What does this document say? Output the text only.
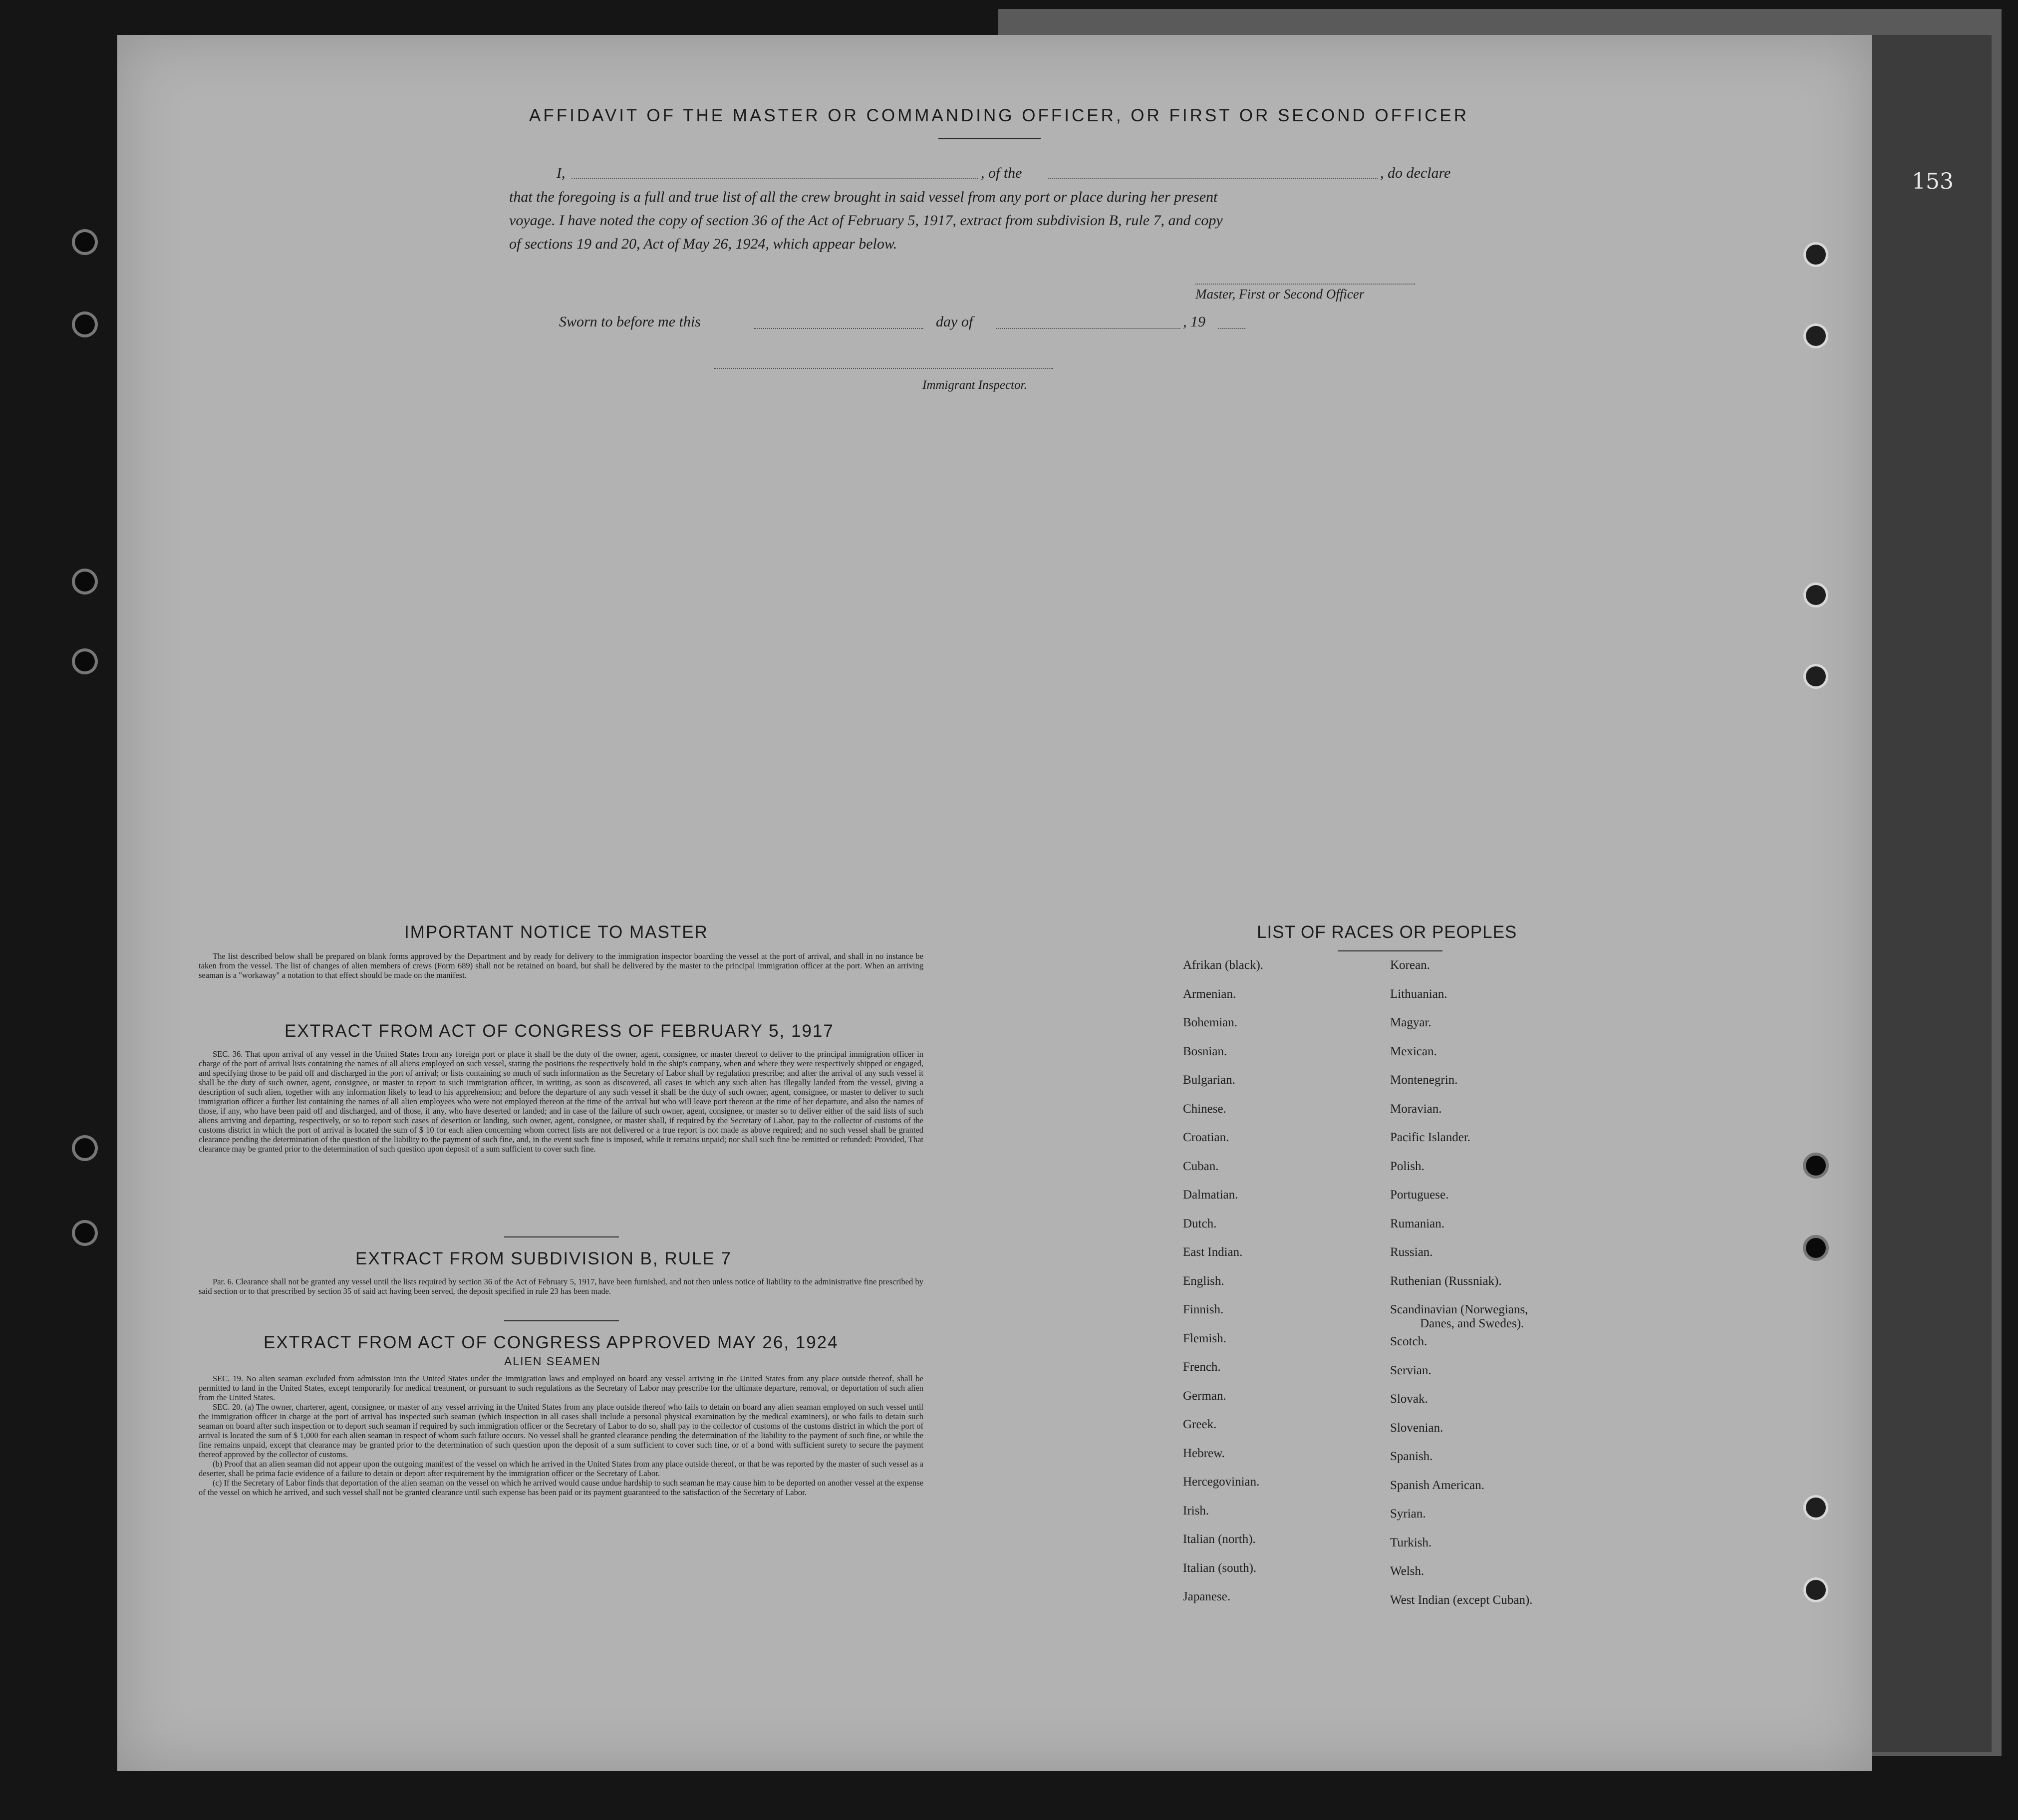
153
AFFIDAVIT OF THE MASTER OR COMMANDING OFFICER, OR FIRST OR SECOND OFFICER
I,	, of the	, do declare
that the foregoing is a full and true list of all the crew brought in said vessel from any port or place during her present
voyage. I have noted the copy of section 36 of the Act of February 5, 1917, extract from subdivision B, rule 7, and copy
of sections 19 and 20, Act of May 26, 1924, which appear below.
Master, First or Second Officer
Sworn to before me this	day of	, 19
Immigrant Inspector.
IMPORTANT NOTICE TO MASTER

The list described below shall be prepared on blank forms approved by the Department and by ready for delivery to the immigration inspector boarding the vessel at the port of arrival, and shall in no instance be taken from the vessel. The list of changes of alien members of crews (Form 689) shall not be retained on board, but shall be delivered by the master to the principal immigration officer at the port. When an arriving seaman is a "workaway" a notation to that effect should be made on the manifest.

EXTRACT FROM ACT OF CONGRESS OF FEBRUARY 5, 1917

SEC. 36. That upon arrival of any vessel in the United States from any foreign port or place it shall be the duty of the owner, agent, consignee, or master thereof to deliver to the principal immigration officer in charge of the port of arrival lists containing the names of all aliens employed on such vessel, stating the positions the respectively hold in the ship's company, when and where they were respectively shipped or engaged, and specifying those to be paid off and discharged in the port of arrival; or lists containing so much of such information as the Secretary of Labor shall by regulation prescribe; and after the arrival of any such vessel it shall be the duty of such owner, agent, consignee, or master to report to such immigration officer, in writing, as soon as discovered, all cases in which any such alien has illegally landed from the vessel, giving a description of such alien, together with any information likely to lead to his apprehension; and before the departure of any such vessel it shall be the duty of such owner, agent, consignee, or master to deliver to such immigration officer a further list containing the names of all alien employees who were not employed thereon at the time of the arrival but who will leave port thereon at the time of her departure, and also the names of those, if any, who have been paid off and discharged, and of those, if any, who have deserted or landed; and in case of the failure of such owner, agent, consignee, or master so to deliver either of the said lists of such aliens arriving and departing, respectively, or so to report such cases of desertion or landing, such owner, agent, consignee, or master shall, if required by the Secretary of Labor, pay to the collector of customs of the customs district in which the port of arrival is located the sum of $ 10 for each alien concerning whom correct lists are not delivered or a true report is not made as above required; and no such vessel shall be granted clearance pending the determination of the question of the liability to the payment of such fine, and, in the event such fine is imposed, while it remains unpaid; nor shall such fine be remitted or refunded: Provided, That clearance may be granted prior to the determination of such question upon deposit of a sum sufficient to cover such fine.

EXTRACT FROM SUBDIVISION B, RULE 7

Par. 6. Clearance shall not be granted any vessel until the lists required by section 36 of the Act of February 5, 1917, have been furnished, and not then unless notice of liability to the administrative fine prescribed by said section or to that prescribed by section 35 of said act having been served, the deposit specified in rule 23 has been made.

EXTRACT FROM ACT OF CONGRESS APPROVED MAY 26, 1924
ALIEN SEAMEN

SEC. 19. No alien seaman excluded from admission into the United States under the immigration laws and employed on board any vessel arriving in the United States from any place outside thereof, shall be permitted to land in the United States, except temporarily for medical treatment, or pursuant to such regulations as the Secretary of Labor may prescribe for the ultimate departure, removal, or deportation of such alien from the United States.

SEC. 20. (a) The owner, charterer, agent, consignee, or master of any vessel arriving in the United States from any place outside thereof who fails to detain on board any alien seaman employed on such vessel until the immigration officer in charge at the port of arrival has inspected such seaman (which inspection in all cases shall include a personal physical examination by the medical examiners), or who fails to detain such seaman on board after such inspection or to deport such seaman if required by such immigration officer or the Secretary of Labor to do so, shall pay to the collector of customs of the customs district in which the port of arrival is located the sum of $ 1,000 for each alien seaman in respect of whom such failure occurs. No vessel shall be granted clearance pending the determination of the liability to the payment of such fine, or while the fine remains unpaid, except that clearance may be granted prior to the determination of such question upon the deposit of a sum sufficient to cover such fine, or of a bond with sufficient surety to secure the payment thereof approved by the collector of customs.

(b) Proof that an alien seaman did not appear upon the outgoing manifest of the vessel on which he arrived in the United States from any place outside thereof, or that he was reported by the master of such vessel as a deserter, shall be prima facie evidence of a failure to detain or deport after requirement by the immigration officer or the Secretary of Labor.

(c) If the Secretary of Labor finds that deportation of the alien seaman on the vessel on which he arrived would cause undue hardship to such seaman he may cause him to be deported on another vessel at the expense of the vessel on which he arrived, and such vessel shall not be granted clearance until such expense has been paid or its payment guaranteed to the satisfaction of the Secretary of Labor.

LIST OF RACES OR PEOPLES
Afrikan (black).
Armenian.
Bohemian.
Bosnian.
Bulgarian.
Chinese.
Croatian.
Cuban.
Dalmatian.
Dutch.
East Indian.
English.
Finnish.
Flemish.
French.
German.
Greek.
Hebrew.
Hercegovinian.
Irish.
Italian (north).
Italian (south).
Japanese.
Korean.
Lithuanian.
Magyar.
Mexican.
Montenegrin.
Moravian.
Pacific Islander.
Polish.
Portuguese.
Rumanian.
Russian.
Ruthenian (Russniak).
Scandinavian (Norwegians,
Danes, and Swedes).
Scotch.
Servian.
Slovak.
Slovenian.
Spanish.
Spanish American.
Syrian.
Turkish.
Welsh.
West Indian (except Cuban).
